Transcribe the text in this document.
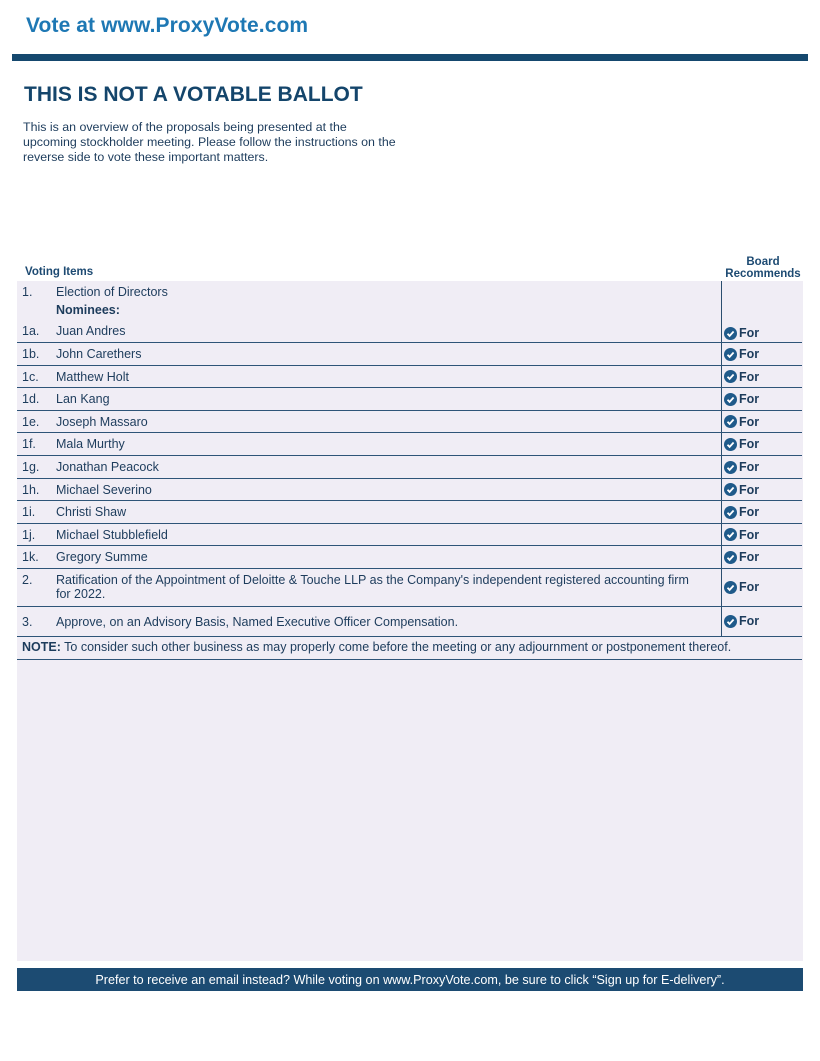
Vote at www.ProxyVote.com
THIS IS NOT A VOTABLE BALLOT
This is an overview of the proposals being presented at the upcoming stockholder meeting. Please follow the instructions on the reverse side to vote these important matters.
Voting Items
Board Recommends
1. Election of Directors
Nominees:
1a. Juan Andres	For
1b. John Carethers	For
1c. Matthew Holt	For
1d. Lan Kang	For
1e. Joseph Massaro	For
1f. Mala Murthy	For
1g. Jonathan Peacock	For
1h. Michael Severino	For
1i. Christi Shaw	For
1j. Michael Stubblefield	For
1k. Gregory Summe	For
2. Ratification of the Appointment of Deloitte & Touche LLP as the Company's independent registered accounting firm
for 2022.	For
3. Approve, on an Advisory Basis, Named Executive Officer Compensation.	For
NOTE: To consider such other business as may properly come before the meeting or any adjournment or postponement thereof.
Prefer to receive an email instead? While voting on www.ProxyVote.com, be sure to click “Sign up for E-delivery”.
